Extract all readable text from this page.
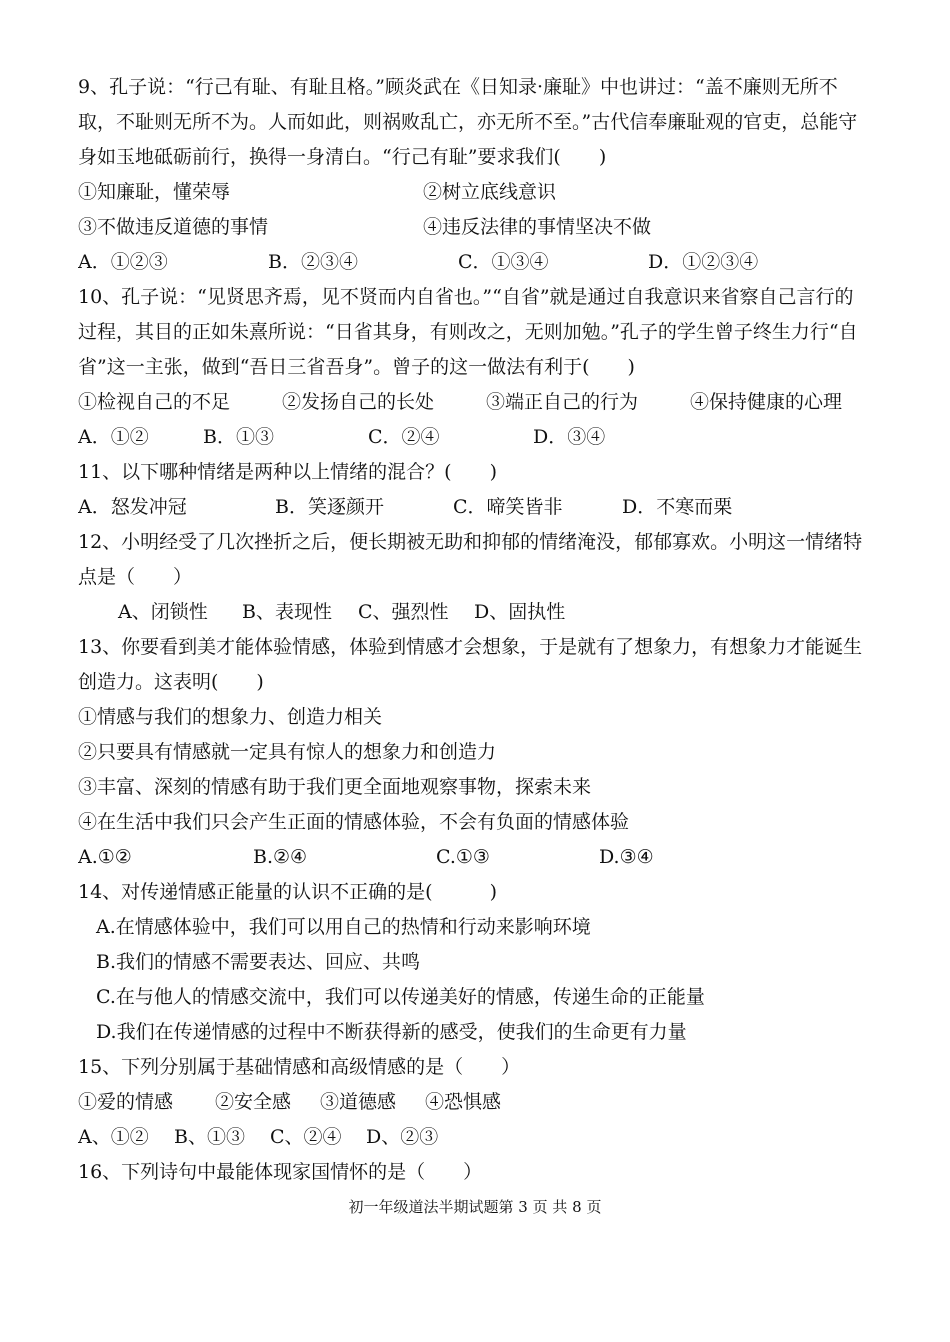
9、孔子说：“行己有耻、有耻且格。”顾炎武在《日知录·廉耻》中也讲过：“盖不廉则无所不
取，不耻则无所不为。人而如此，则祸败乱亡，亦无所不至。”古代信奉廉耻观的官吏，总能守
身如玉地砥砺前行，换得一身清白。“行己有耻”要求我们(　　)
①知廉耻，懂荣辱	②树立底线意识
③不做违反道德的事情	④违反法律的事情坚决不做
A．①②③	B．②③④	C．①③④	D．①②③④
10、孔子说：“见贤思齐焉，见不贤而内自省也。”“自省”就是通过自我意识来省察自己言行的
过程，其目的正如朱熹所说：“日省其身，有则改之，无则加勉。”孔子的学生曾子终生力行“自
省”这一主张，做到“吾日三省吾身”。曾子的这一做法有利于(　　)
①检视自己的不足	②发扬自己的长处	③端正自己的行为	④保持健康的心理
A．①②	B．①③	C．②④	D．③④
11、以下哪种情绪是两种以上情绪的混合？(　　)
A．怒发冲冠	B．笑逐颜开	C．啼笑皆非	D．不寒而栗
12、小明经受了几次挫折之后，便长期被无助和抑郁的情绪淹没，郁郁寡欢。小明这一情绪特
点是（　　）
A、闭锁性	B、表现性	C、强烈性	D、固执性
13、你要看到美才能体验情感，体验到情感才会想象，于是就有了想象力，有想象力才能诞生
创造力。这表明(　　)
①情感与我们的想象力、创造力相关
②只要具有情感就一定具有惊人的想象力和创造力
③丰富、深刻的情感有助于我们更全面地观察事物，探索未来
④在生活中我们只会产生正面的情感体验，不会有负面的情感体验
A.①②	B.②④	C.①③	D.③④
14、对传递情感正能量的认识不正确的是(　　　)
A.在情感体验中，我们可以用自己的热情和行动来影响环境
B.我们的情感不需要表达、回应、共鸣
C.在与他人的情感交流中，我们可以传递美好的情感，传递生命的正能量
D.我们在传递情感的过程中不断获得新的感受，使我们的生命更有力量
15、下列分别属于基础情感和高级情感的是（　　）
①爱的情感	②安全感	③道德感	④恐惧感
A、①②	B、①③	C、②④	D、②③
16、下列诗句中最能体现家国情怀的是（　　）
初一年级道法半期试题第 3 页 共 8 页
